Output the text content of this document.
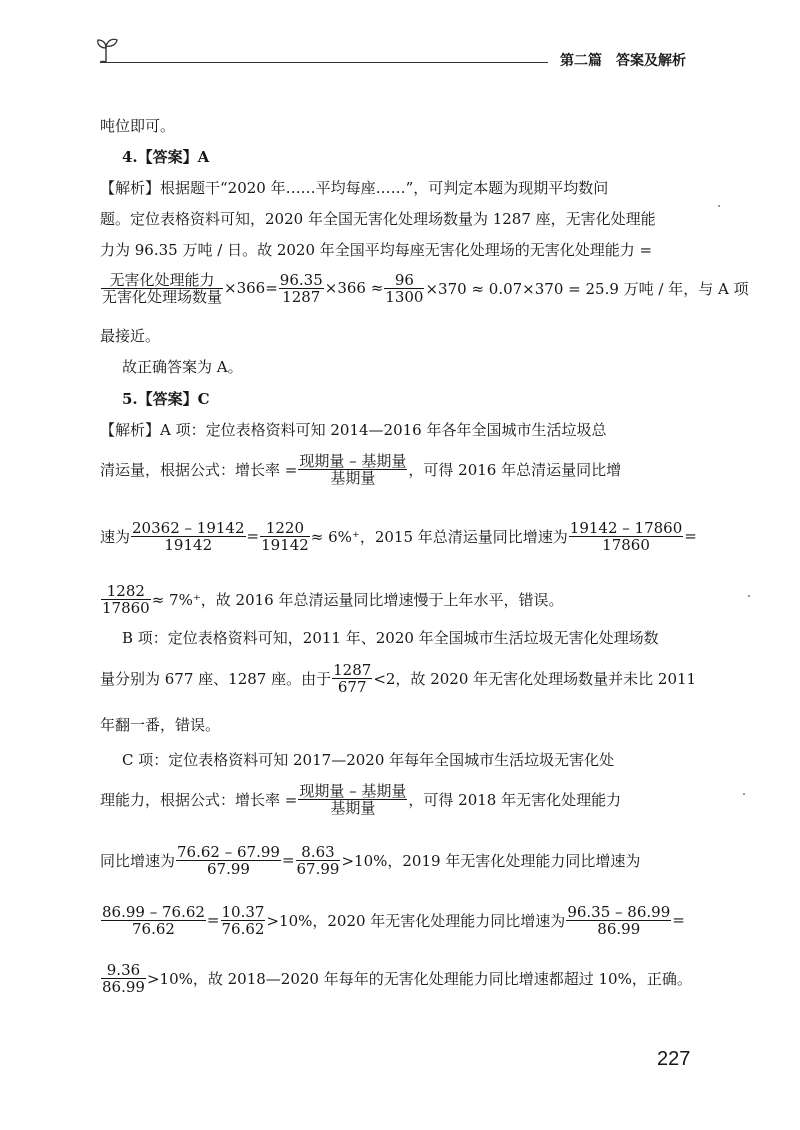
第二篇　答案及解析
吨位即可。
4.【答案】A
【解析】根据题干“2020 年……平均每座……”，可判定本题为现期平均数问
题。定位表格资料可知，2020 年全国无害化处理场数量为 1287 座，无害化处理能
力为 96.35 万吨 / 日。故 2020 年全国平均每座无害化处理场的无害化处理能力 =
$\frac{\text{无害化处理能力}}{\text{无害化处理场数量}} \times 366= \frac{96.35}{1287} \times 366 \approx \frac{96}{1300} \times 370 \approx 0.07\times 370 = 25.9$ 万吨 / 年，与 A 项
最接近。
故正确答案为 A。
5.【答案】C
【解析】A 项：定位表格资料可知 2014—2016 年各年全国城市生活垃圾总
清运量，根据公式：增长率 = $\frac{\text{现期量 – 基期量}}{\text{基期量}}$ ，可得 2016 年总清运量同比增
速为 $\frac{20362 - 19142}{19142} = \frac{1220}{19142} \approx 6\%^+$，2015 年总清运量同比增速为 $\frac{19142 - 17860}{17860}$ =
$\frac{1282}{17860} \approx 7\%^+$，故 2016 年总清运量同比增速慢于上年水平，错误。
B 项：定位表格资料可知，2011 年、2020 年全国城市生活垃圾无害化处理场数
量分别为 677 座、1287 座。由于 $\frac{1287}{677} <2$，故 2020 年无害化处理场数量并未比 2011
年翻一番，错误。
C 项：定位表格资料可知 2017—2020 年每年全国城市生活垃圾无害化处
理能力，根据公式：增长率 = $\frac{\text{现期量 – 基期量}}{\text{基期量}}$ ，可得 2018 年无害化处理能力
同比增速为 $\frac{76.62 - 67.99}{67.99} = \frac{8.63}{67.99} >10\%$，2019 年无害化处理能力同比增速为
$\frac{86.99 - 76.62}{76.62} = \frac{10.37}{76.62} >10\%$，2020 年无害化处理能力同比增速为 $\frac{96.35 - 86.99}{86.99}$ =
$\frac{9.36}{86.99} >10\%$，故 2018—2020 年每年的无害化处理能力同比增速都超过 10%，正确。
227
